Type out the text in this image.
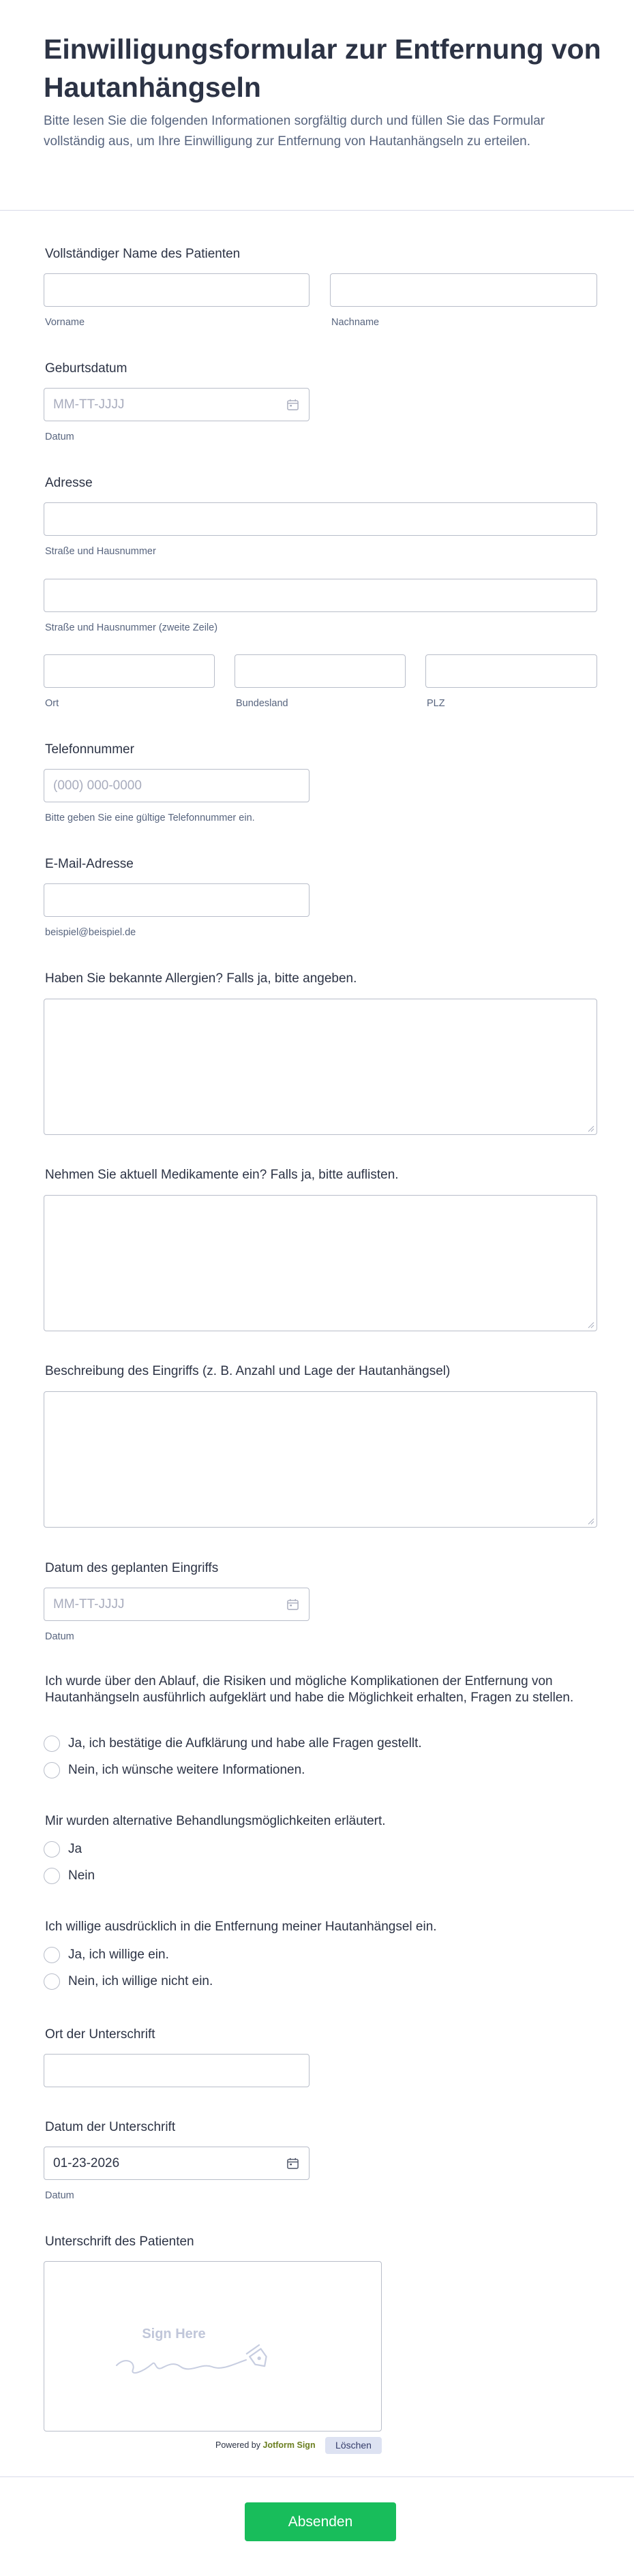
Einwilligungsformular zur Entfernung von Hautanhängseln
Bitte lesen Sie die folgenden Informationen sorgfältig durch und füllen Sie das Formular vollständig aus, um Ihre Einwilligung zur Entfernung von Hautanhängseln zu erteilen.
Vollständiger Name des Patienten
Vorname	Nachname
Geburtsdatum
MM-TT-JJJJ
Datum
Adresse
Straße und Hausnummer
Straße und Hausnummer (zweite Zeile)
Ort	Bundesland	PLZ
Telefonnummer
(000) 000-0000
Bitte geben Sie eine gültige Telefonnummer ein.
E-Mail-Adresse
beispiel@beispiel.de
Haben Sie bekannte Allergien? Falls ja, bitte angeben.
Nehmen Sie aktuell Medikamente ein? Falls ja, bitte auflisten.
Beschreibung des Eingriffs (z. B. Anzahl und Lage der Hautanhängsel)
Datum des geplanten Eingriffs
MM-TT-JJJJ
Datum
Ich wurde über den Ablauf, die Risiken und mögliche Komplikationen der Entfernung von Hautanhängseln ausführlich aufgeklärt und habe die Möglichkeit erhalten, Fragen zu stellen.
Ja, ich bestätige die Aufklärung und habe alle Fragen gestellt.
Nein, ich wünsche weitere Informationen.
Mir wurden alternative Behandlungsmöglichkeiten erläutert.
Ja
Nein
Ich willige ausdrücklich in die Entfernung meiner Hautanhängsel ein.
Ja, ich willige ein.
Nein, ich willige nicht ein.
Ort der Unterschrift
Datum der Unterschrift
01-23-2026
Datum
Unterschrift des Patienten
Sign Here
Powered by Jotform Sign	Löschen
Absenden
